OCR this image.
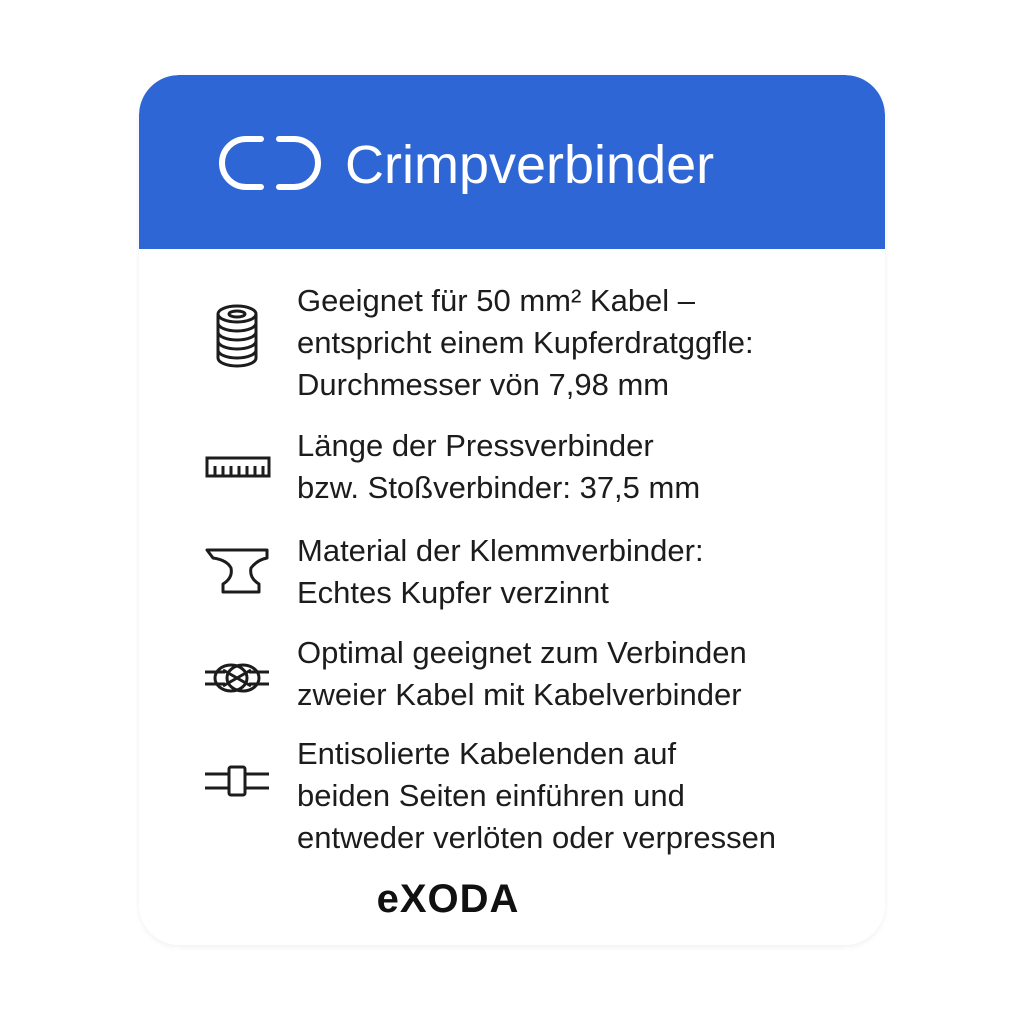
Crimpverbinder
Geeignet für 50 mm² Kabel –
entspricht einem Kupferdratggfle:
Durchmesser vön 7,98 mm
Länge der Pressverbinder
bzw. Stoßverbinder: 37,5 mm
Material der Klemmverbinder:
Echtes Kupfer verzinnt
Optimal geeignet zum Verbinden
zweier Kabel mit Kabelverbinder
Entisolierte Kabelenden auf
beiden Seiten einführen und
entweder verlöten oder verpressen
eXODA
